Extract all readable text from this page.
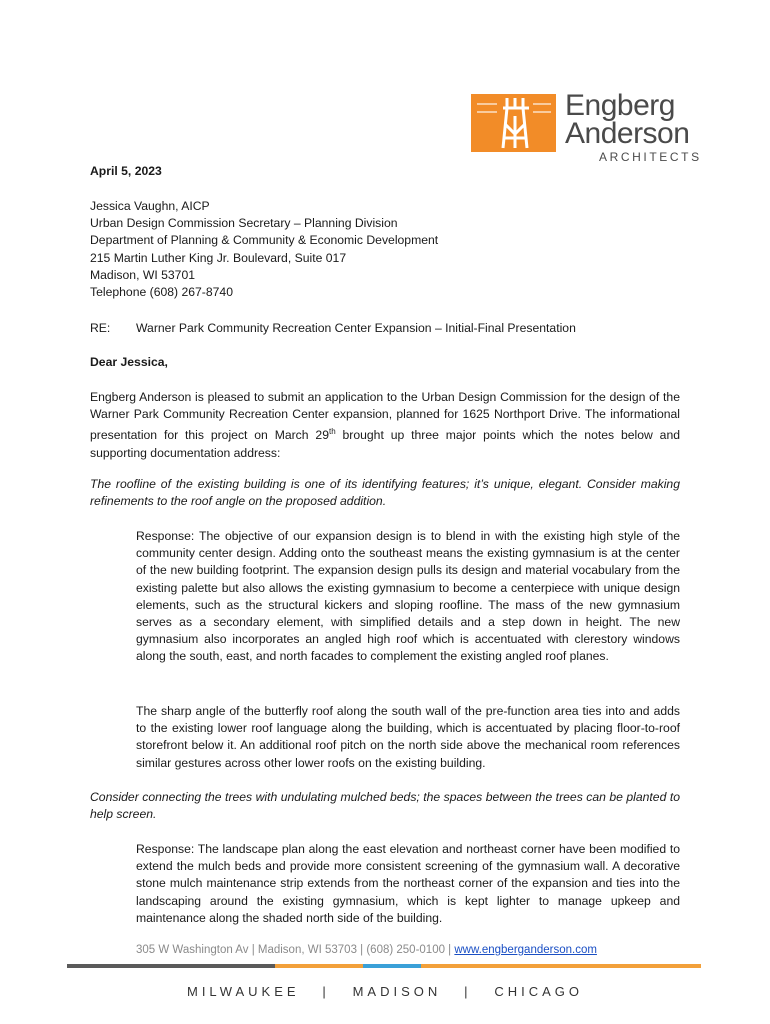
Engberg
Anderson
ARCHITECTS
April 5, 2023
Jessica Vaughn, AICP
Urban Design Commission Secretary – Planning Division
Department of Planning & Community & Economic Development
215 Martin Luther King Jr. Boulevard, Suite 017
Madison, WI 53701
Telephone (608) 267-8740
RE: Warner Park Community Recreation Center Expansion – Initial-Final Presentation
Dear Jessica,
Engberg Anderson is pleased to submit an application to the Urban Design Commission for the design of the Warner Park Community Recreation Center expansion, planned for 1625 Northport Drive. The informational presentation for this project on March 29th brought up three major points which the notes below and supporting documentation address:
The roofline of the existing building is one of its identifying features; it’s unique, elegant. Consider making refinements to the roof angle on the proposed addition.
Response: The objective of our expansion design is to blend in with the existing high style of the community center design. Adding onto the southeast means the existing gymnasium is at the center of the new building footprint. The expansion design pulls its design and material vocabulary from the existing palette but also allows the existing gymnasium to become a centerpiece with unique design elements, such as the structural kickers and sloping roofline. The mass of the new gymnasium serves as a secondary element, with simplified details and a step down in height. The new gymnasium also incorporates an angled high roof which is accentuated with clerestory windows along the south, east, and north facades to complement the existing angled roof planes.
The sharp angle of the butterfly roof along the south wall of the pre-function area ties into and adds to the existing lower roof language along the building, which is accentuated by placing floor-to-roof storefront below it. An additional roof pitch on the north side above the mechanical room references similar gestures across other lower roofs on the existing building.
Consider connecting the trees with undulating mulched beds; the spaces between the trees can be planted to help screen.
Response: The landscape plan along the east elevation and northeast corner have been modified to extend the mulch beds and provide more consistent screening of the gymnasium wall. A decorative stone mulch maintenance strip extends from the northeast corner of the expansion and ties into the landscaping around the existing gymnasium, which is kept lighter to manage upkeep and maintenance along the shaded north side of the building.
305 W Washington Av | Madison, WI 53703 | (608) 250-0100 | www.engberganderson.com
MILWAUKEE   |   MADISON   |   CHICAGO
